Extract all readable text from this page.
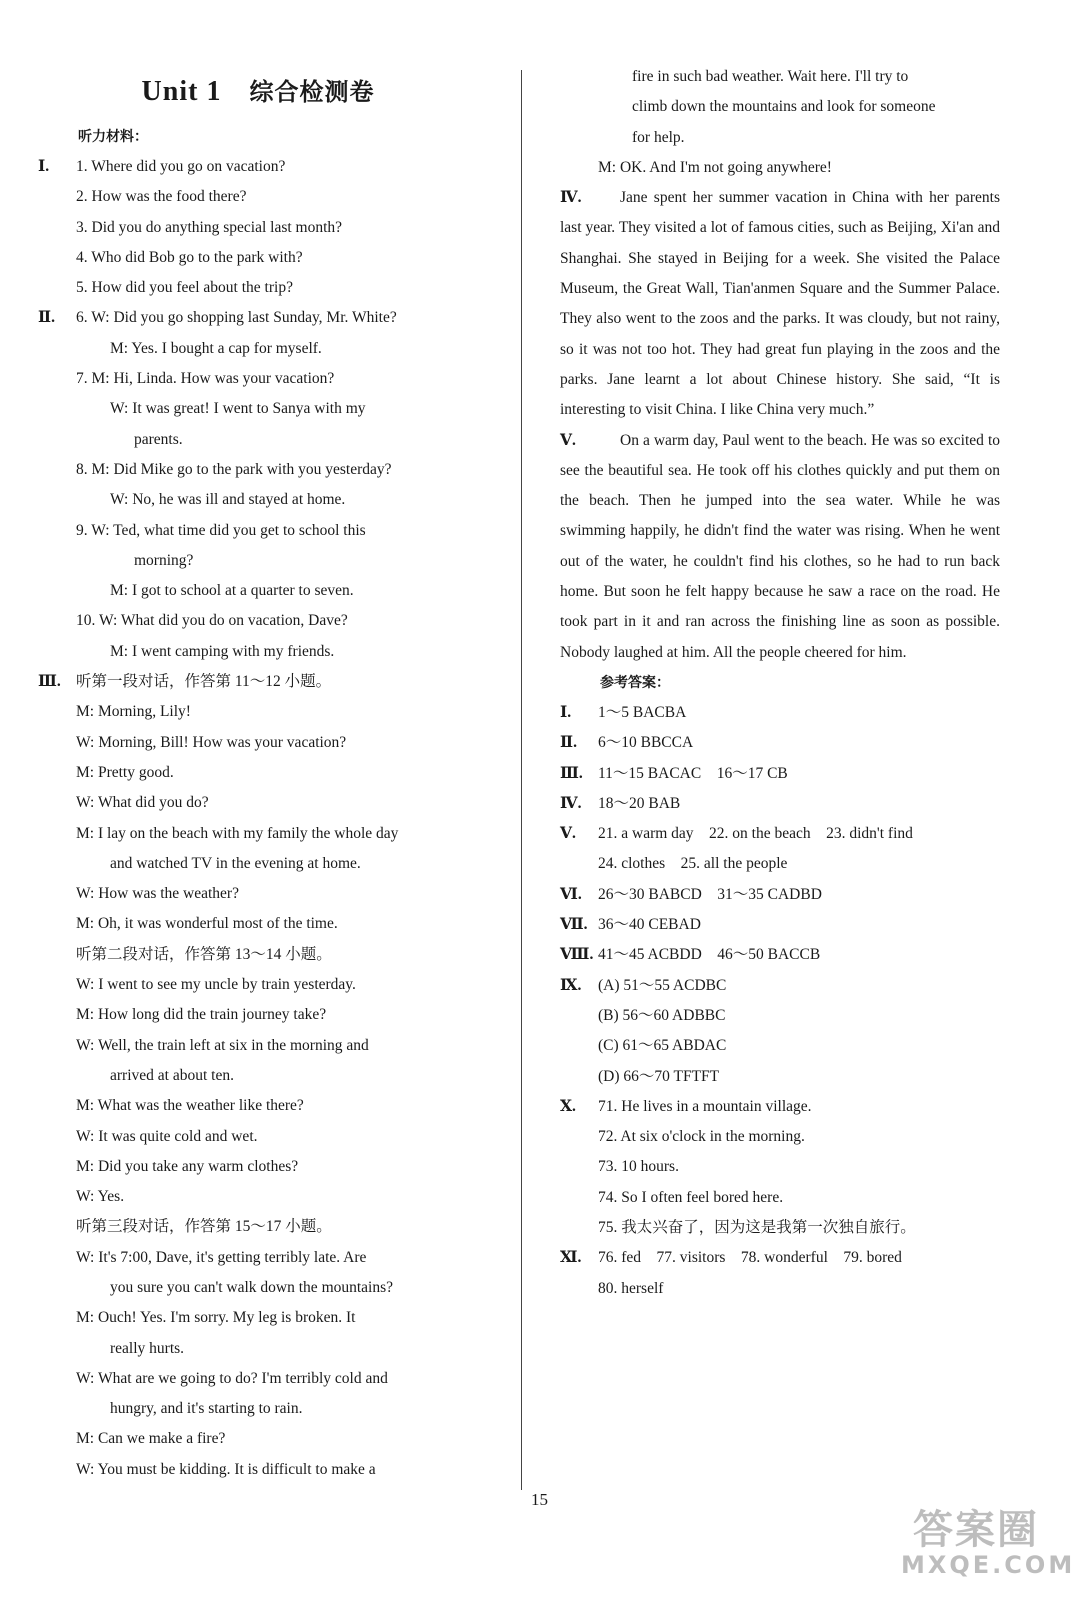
Unit 1 综合检测卷
听力材料：
Ⅰ. 1. Where did you go on vacation?
2. How was the food there?
3. Did you do anything special last month?
4. Who did Bob go to the park with?
5. How did you feel about the trip?
Ⅱ. 6. W: Did you go shopping last Sunday, Mr. White?
M: Yes. I bought a cap for myself.
7. M: Hi, Linda. How was your vacation?
W: It was great! I went to Sanya with my
parents.
8. M: Did Mike go to the park with you yesterday?
W: No, he was ill and stayed at home.
9. W: Ted, what time did you get to school this
morning?
M: I got to school at a quarter to seven.
10. W: What did you do on vacation, Dave?
M: I went camping with my friends.
Ⅲ. 听第一段对话，作答第 11～12 小题。
M: Morning, Lily!
W: Morning, Bill! How was your vacation?
M: Pretty good.
W: What did you do?
M: I lay on the beach with my family the whole day
and watched TV in the evening at home.
W: How was the weather?
M: Oh, it was wonderful most of the time.
听第二段对话，作答第 13～14 小题。
W: I went to see my uncle by train yesterday.
M: How long did the train journey take?
W: Well, the train left at six in the morning and
arrived at about ten.
M: What was the weather like there?
W: It was quite cold and wet.
M: Did you take any warm clothes?
W: Yes.
听第三段对话，作答第 15～17 小题。
W: It's 7:00, Dave, it's getting terribly late. Are
you sure you can't walk down the mountains?
M: Ouch! Yes. I'm sorry. My leg is broken. It
really hurts.
W: What are we going to do? I'm terribly cold and
hungry, and it's starting to rain.
M: Can we make a fire?
W: You must be kidding. It is difficult to make a
fire in such bad weather. Wait here. I'll try to
climb down the mountains and look for someone
for help.
M: OK. And I'm not going anywhere!
Ⅳ. Jane spent her summer vacation in China with her parents last year. They visited a lot of famous cities, such as Beijing, Xi'an and Shanghai. She stayed in Beijing for a week. She visited the Palace Museum, the Great Wall, Tian'anmen Square and the Summer Palace. They also went to the zoos and the parks. It was cloudy, but not rainy, so it was not too hot. They had great fun playing in the zoos and the parks. Jane learnt a lot about Chinese history. She said, “It is interesting to visit China. I like China very much.”
Ⅴ.	On a warm day, Paul went to the beach. He was so excited to see the beautiful sea. He took off his clothes quickly and put them on the beach. Then he jumped into the sea water. While he was swimming happily, he didn't find the water was rising. When he went out of the water, he couldn't find his clothes, so he had to run back home. But soon he felt happy because he saw a race on the road. He took part in it and ran across the finishing line as soon as possible. Nobody laughed at him. All the people cheered for him.
参考答案：
Ⅰ. 1～5 BACBA
Ⅱ. 6～10 BBCCA
Ⅲ. 11～15 BACAC　16～17 CB
Ⅳ. 18～20 BAB
Ⅴ. 21. a warm day　22. on the beach　23. didn't find
24. clothes　25. all the people
Ⅵ. 26～30 BABCD　31～35 CADBD
Ⅶ. 36～40 CEBAD
Ⅷ. 41～45 ACBDD　46～50 BACCB
Ⅸ. (A) 51～55 ACDBC
(B) 56～60 ADBBC
(C) 61～65 ABDAC
(D) 66～70 TFTFT
Ⅹ. 71. He lives in a mountain village.
72. At six o'clock in the morning.
73. 10 hours.
74. So I often feel bored here.
75. 我太兴奋了，因为这是我第一次独自旅行。
Ⅺ. 76. fed　77. visitors　78. wonderful　79. bored
80. herself
15
答案圈
MXQE.COM
